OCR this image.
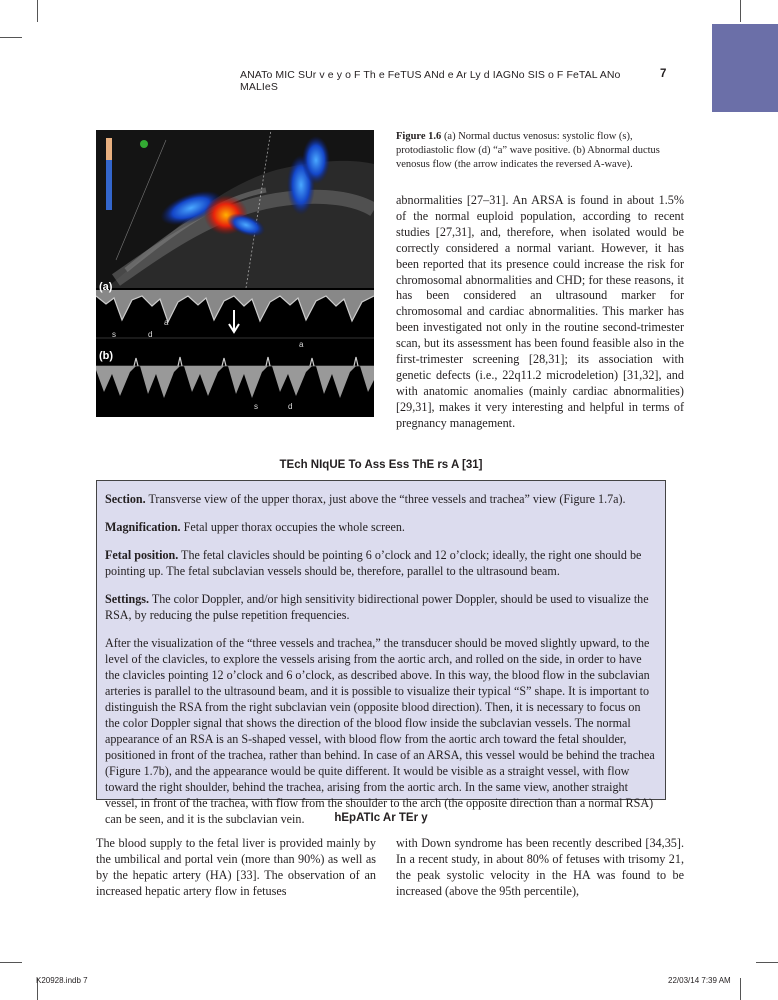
ANATo MIC SUr v e y o F Th e FeTUS ANd e Ar Ly d IAGNo SIS o F FeTAL ANo MALIeS
7
s	d
a
a
s	d
(a)
(b)
Figure 1.6 (a) Normal ductus venosus: systolic flow (s), protodiastolic flow (d) “a” wave positive. (b) Abnormal ductus venosus flow (the arrow indicates the reversed A-wave).
abnormalities [27–31]. An ARSA is found in about 1.5% of the normal euploid population, according to recent studies [27,31], and, therefore, when isolated would be correctly considered a normal variant. However, it has been reported that its presence could increase the risk for chromosomal abnormalities and CHD; for these reasons, it has been considered an ultrasound marker for chromosomal and cardiac abnormalities. This marker has been investigated not only in the routine second-trimester scan, but its assessment has been found feasible also in the first-trimester screening [28,31]; its association with genetic defects (i.e., 22q11.2 microdeletion) [31,32], and with anatomic anomalies (mainly cardiac abnormalities) [29,31], makes it very interesting and helpful in terms of pregnancy management.
TEch NIqUE To Ass Ess ThE rs A [31]

Section. Transverse view of the upper thorax, just above the “three vessels and trachea” view (Figure 1.7a).

Magnification. Fetal upper thorax occupies the whole screen.

Fetal position. The fetal clavicles should be pointing 6 o’clock and 12 o’clock; ideally, the right one should be pointing up. The fetal subclavian vessels should be, therefore, parallel to the ultrasound beam.

Settings. The color Doppler, and/or high sensitivity bidirectional power Doppler, should be used to visualize the RSA, by reducing the pulse repetition frequencies.

After the visualization of the “three vessels and trachea,” the transducer should be moved slightly upward, to the level of the clavicles, to explore the vessels arising from the aortic arch, and rolled on the side, in order to have the clavicles pointing 12 o’clock and 6 o’clock, as described above. In this way, the blood flow in the subclavian arteries is parallel to the ultrasound beam, and it is possible to visualize their typical “S” shape. It is important to distinguish the RSA from the right subclavian vein (opposite blood direction). Then, it is necessary to focus on the color Doppler signal that shows the direction of the blood flow inside the subclavian vessels. The normal appearance of an RSA is an S-shaped vessel, with blood flow from the aortic arch toward the fetal shoulder, positioned in front of the trachea, rather than behind. In case of an ARSA, this vessel would be behind the trachea (Figure 1.7b), and the appearance would be quite different. It would be visible as a straight vessel, with flow toward the right shoulder, behind the trachea, arising from the aortic arch. In the same view, another straight vessel, in front of the trachea, with flow from the shoulder to the arch (the opposite direction than a normal RSA) can be seen, and it is the subclavian vein.	hEpATIc Ar TEr y
The blood supply to the fetal liver is provided mainly by the umbilical and portal vein (more than 90%) as well as by the hepatic artery (HA) [33]. The observation of an increased hepatic artery flow in fetuses
with Down syndrome has been recently described [34,35]. In a recent study, in about 80% of fetuses with trisomy 21, the peak systolic velocity in the HA was found to be increased (above the 95th percentile),
K20928.indb 7	22/03/14 7:39 AM
